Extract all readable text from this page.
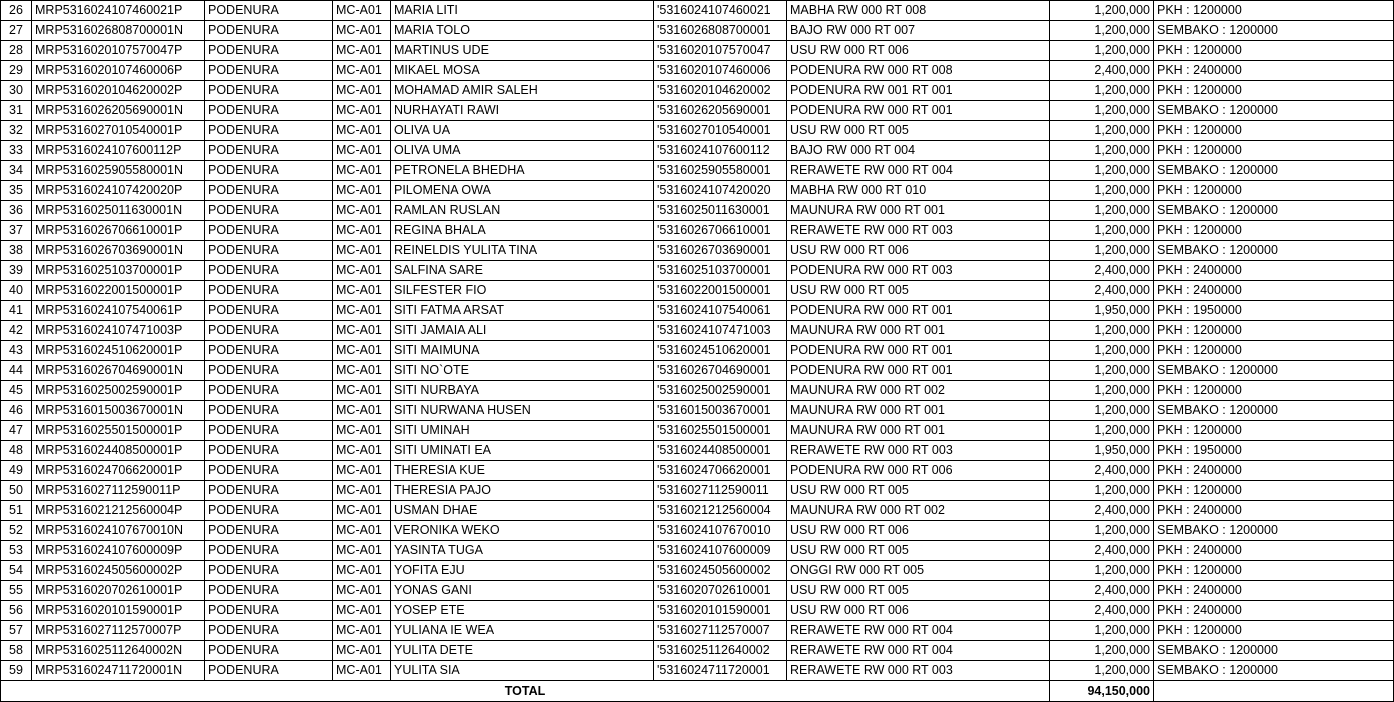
26	MRP5316024107460021P	PODENURA	MC-A01	MARIA LITI	'5316024107460021	MABHA RW 000 RT 008	1,200,000	PKH : 1200000
27	MRP5316026808700001N	PODENURA	MC-A01	MARIA TOLO	'5316026808700001	BAJO RW 000 RT 007	1,200,000	SEMBAKO : 1200000
28	MRP5316020107570047P	PODENURA	MC-A01	MARTINUS UDE	'5316020107570047	USU RW 000 RT 006	1,200,000	PKH : 1200000
29	MRP5316020107460006P	PODENURA	MC-A01	MIKAEL MOSA	'5316020107460006	PODENURA RW 000 RT 008	2,400,000	PKH : 2400000
30	MRP5316020104620002P	PODENURA	MC-A01	MOHAMAD AMIR SALEH	'5316020104620002	PODENURA RW 001 RT 001	1,200,000	PKH : 1200000
31	MRP5316026205690001N	PODENURA	MC-A01	NURHAYATI RAWI	'5316026205690001	PODENURA RW 000 RT 001	1,200,000	SEMBAKO : 1200000
32	MRP5316027010540001P	PODENURA	MC-A01	OLIVA UA	'5316027010540001	USU RW 000 RT 005	1,200,000	PKH : 1200000
33	MRP5316024107600112P	PODENURA	MC-A01	OLIVA UMA	'5316024107600112	BAJO RW 000 RT 004	1,200,000	PKH : 1200000
34	MRP5316025905580001N	PODENURA	MC-A01	PETRONELA BHEDHA	'5316025905580001	RERAWETE RW 000 RT 004	1,200,000	SEMBAKO : 1200000
35	MRP5316024107420020P	PODENURA	MC-A01	PILOMENA OWA	'5316024107420020	MABHA RW 000 RT 010	1,200,000	PKH : 1200000
36	MRP5316025011630001N	PODENURA	MC-A01	RAMLAN RUSLAN	'5316025011630001	MAUNURA RW 000 RT 001	1,200,000	SEMBAKO : 1200000
37	MRP5316026706610001P	PODENURA	MC-A01	REGINA BHALA	'5316026706610001	RERAWETE RW 000 RT 003	1,200,000	PKH : 1200000
38	MRP5316026703690001N	PODENURA	MC-A01	REINELDIS YULITA TINA	'5316026703690001	USU RW 000 RT 006	1,200,000	SEMBAKO : 1200000
39	MRP5316025103700001P	PODENURA	MC-A01	SALFINA SARE	'5316025103700001	PODENURA RW 000 RT 003	2,400,000	PKH : 2400000
40	MRP5316022001500001P	PODENURA	MC-A01	SILFESTER FIO	'5316022001500001	USU RW 000 RT 005	2,400,000	PKH : 2400000
41	MRP5316024107540061P	PODENURA	MC-A01	SITI FATMA ARSAT	'5316024107540061	PODENURA RW 000 RT 001	1,950,000	PKH : 1950000
42	MRP5316024107471003P	PODENURA	MC-A01	SITI JAMAIA ALI	'5316024107471003	MAUNURA RW 000 RT 001	1,200,000	PKH : 1200000
43	MRP5316024510620001P	PODENURA	MC-A01	SITI MAIMUNA	'5316024510620001	PODENURA RW 000 RT 001	1,200,000	PKH : 1200000
44	MRP5316026704690001N	PODENURA	MC-A01	SITI NO`OTE	'5316026704690001	PODENURA RW 000 RT 001	1,200,000	SEMBAKO : 1200000
45	MRP5316025002590001P	PODENURA	MC-A01	SITI NURBAYA	'5316025002590001	MAUNURA RW 000 RT 002	1,200,000	PKH : 1200000
46	MRP5316015003670001N	PODENURA	MC-A01	SITI NURWANA HUSEN	'5316015003670001	MAUNURA RW 000 RT 001	1,200,000	SEMBAKO : 1200000
47	MRP5316025501500001P	PODENURA	MC-A01	SITI UMINAH	'5316025501500001	MAUNURA RW 000 RT 001	1,200,000	PKH : 1200000
48	MRP5316024408500001P	PODENURA	MC-A01	SITI UMINATI EA	'5316024408500001	RERAWETE RW 000 RT 003	1,950,000	PKH : 1950000
49	MRP5316024706620001P	PODENURA	MC-A01	THERESIA KUE	'5316024706620001	PODENURA RW 000 RT 006	2,400,000	PKH : 2400000
50	MRP5316027112590011P	PODENURA	MC-A01	THERESIA PAJO	'5316027112590011	USU RW 000 RT 005	1,200,000	PKH : 1200000
51	MRP5316021212560004P	PODENURA	MC-A01	USMAN DHAE	'5316021212560004	MAUNURA RW 000 RT 002	2,400,000	PKH : 2400000
52	MRP5316024107670010N	PODENURA	MC-A01	VERONIKA WEKO	'5316024107670010	USU RW 000 RT 006	1,200,000	SEMBAKO : 1200000
53	MRP5316024107600009P	PODENURA	MC-A01	YASINTA TUGA	'5316024107600009	USU RW 000 RT 005	2,400,000	PKH : 2400000
54	MRP5316024505600002P	PODENURA	MC-A01	YOFITA EJU	'5316024505600002	ONGGI RW 000 RT 005	1,200,000	PKH : 1200000
55	MRP5316020702610001P	PODENURA	MC-A01	YONAS GANI	'5316020702610001	USU RW 000 RT 005	2,400,000	PKH : 2400000
56	MRP5316020101590001P	PODENURA	MC-A01	YOSEP ETE	'5316020101590001	USU RW 000 RT 006	2,400,000	PKH : 2400000
57	MRP5316027112570007P	PODENURA	MC-A01	YULIANA IE WEA	'5316027112570007	RERAWETE RW 000 RT 004	1,200,000	PKH : 1200000
58	MRP5316025112640002N	PODENURA	MC-A01	YULITA DETE	'5316025112640002	RERAWETE RW 000 RT 004	1,200,000	SEMBAKO : 1200000
59	MRP5316024711720001N	PODENURA	MC-A01	YULITA SIA	'5316024711720001	RERAWETE RW 000 RT 003	1,200,000	SEMBAKO : 1200000
TOTAL							94,150,000	
